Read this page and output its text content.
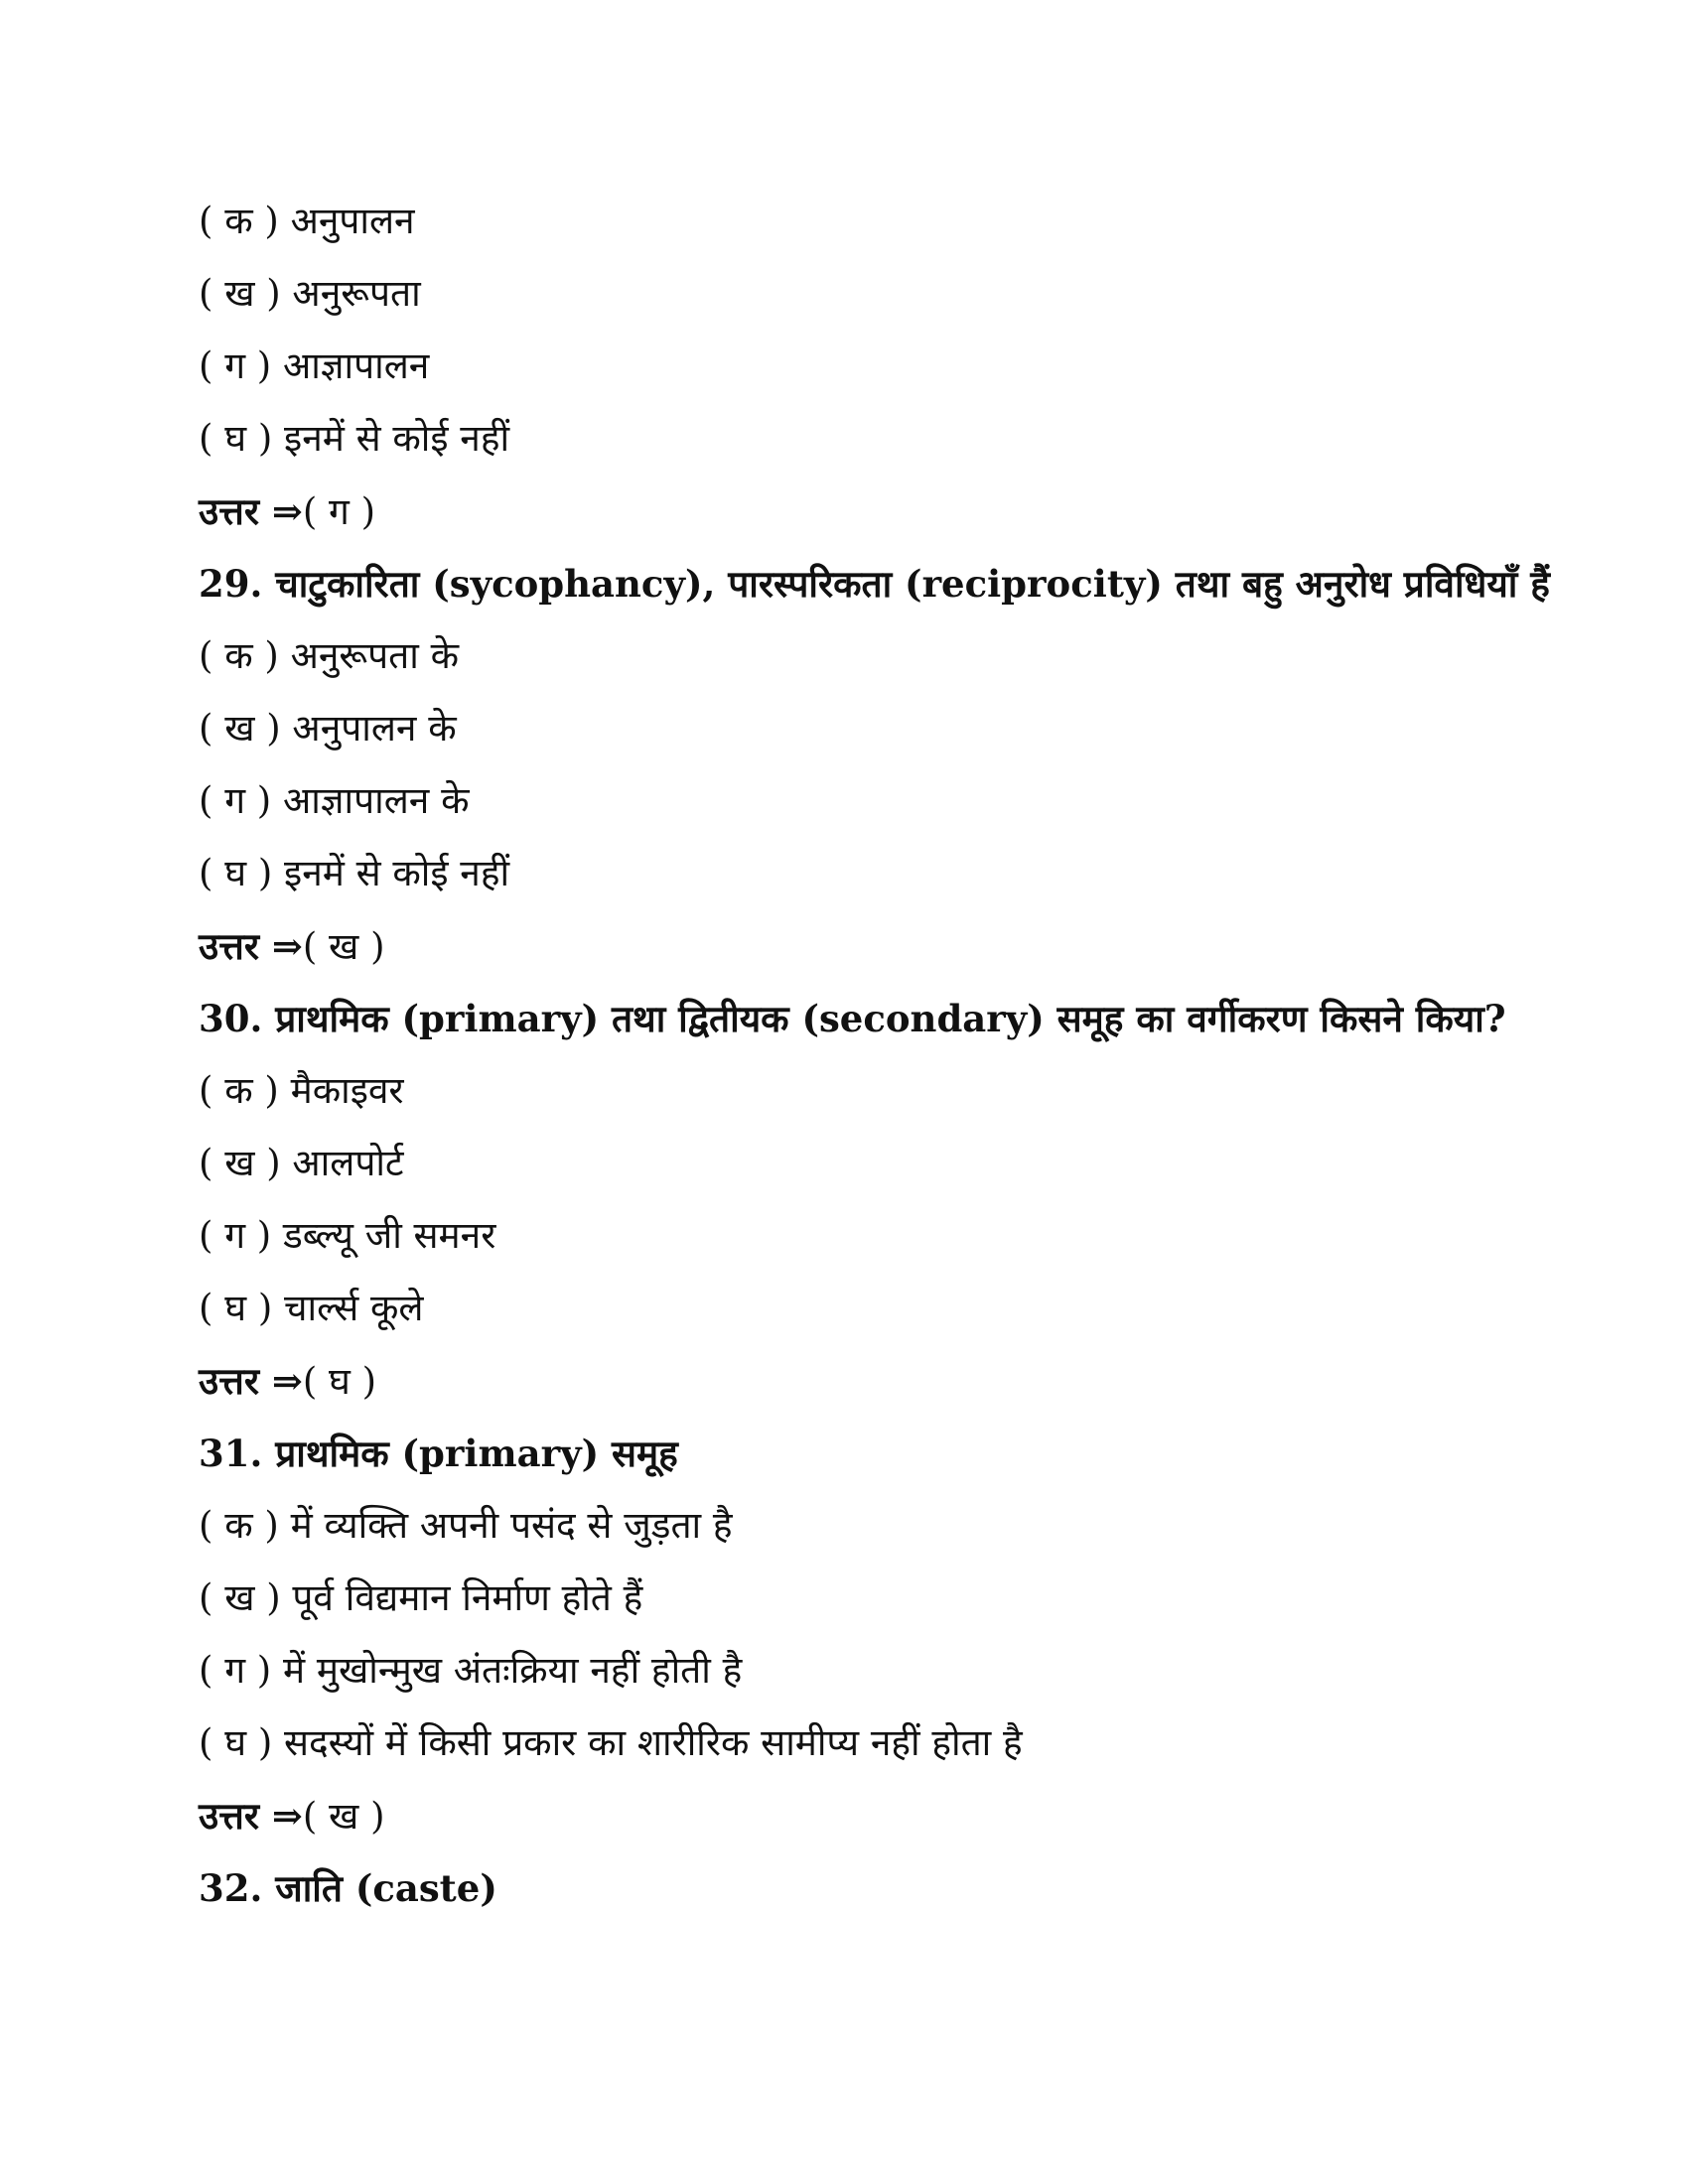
( क ) अनुपालन
( ख ) अनुरूपता
( ग ) आज्ञापालन
( घ ) इनमें से कोई नहीं
उत्तर ⇒( ग )
29. चाटुकारिता (sycophancy), पारस्परिकता (reciprocity) तथा बहु अनुरोध प्रविधियाँ हैं
( क ) अनुरूपता के
( ख ) अनुपालन के
( ग ) आज्ञापालन के
( घ ) इनमें से कोई नहीं
उत्तर ⇒( ख )
30. प्राथमिक (primary) तथा द्वितीयक (secondary) समूह का वर्गीकरण किसने किया?
( क ) मैकाइवर
( ख ) आलपोर्ट
( ग ) डब्ल्यू जी समनर
( घ ) चार्ल्स कूले
उत्तर ⇒( घ )
31. प्राथमिक (primary) समूह
( क ) में व्यक्ति अपनी पसंद से जुड़ता है
( ख ) पूर्व विद्यमान निर्माण होते हैं
( ग ) में मुखोन्मुख अंतःक्रिया नहीं होती है
( घ ) सदस्यों में किसी प्रकार का शारीरिक सामीप्य नहीं होता है
उत्तर ⇒( ख )
32. जाति (caste)
